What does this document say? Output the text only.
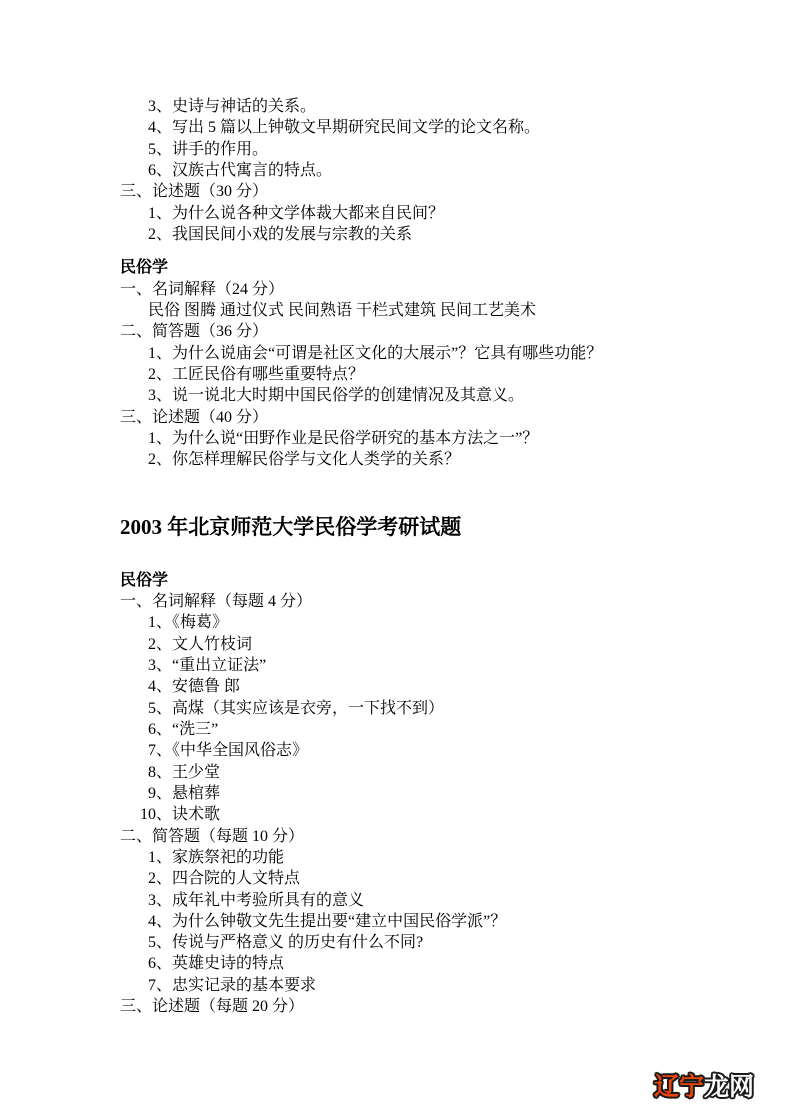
3、史诗与神话的关系。

4、写出 5 篇以上钟敬文早期研究民间文学的论文名称。

5、讲手的作用。

6、汉族古代寓言的特点。

三、论述题（30 分）

1、为什么说各种文学体裁大都来自民间？

2、我国民间小戏的发展与宗教的关系

民俗学

一、名词解释（24 分）

民俗 图腾 通过仪式 民间熟语 干栏式建筑 民间工艺美术

二、简答题（36 分）

1、为什么说庙会“可谓是社区文化的大展示”？它具有哪些功能？

2、工匠民俗有哪些重要特点？

3、说一说北大时期中国民俗学的创建情况及其意义。

三、论述题（40 分）

1、为什么说“田野作业是民俗学研究的基本方法之一”？

2、你怎样理解民俗学与文化人类学的关系？

2003 年北京师范大学民俗学考研试题

民俗学

一、名词解释（每题 4 分）

1、《梅葛》

2、文人竹枝词

3、“重出立证法”

4、安德鲁 郎

5、高煤（其实应该是衣旁，一下找不到）

6、“洗三”

7、《中华全国风俗志》

8、王少堂

9、悬棺葬

10、诀术歌

二、简答题（每题 10 分）

1、家族祭祀的功能

2、四合院的人文特点

3、成年礼中考验所具有的意义

4、为什么钟敬文先生提出要“建立中国民俗学派”？

5、传说与严格意义 的历史有什么不同?

6、英雄史诗的特点

7、忠实记录的基本要求

三、论述题（每题 20 分）

辽宁龙网
